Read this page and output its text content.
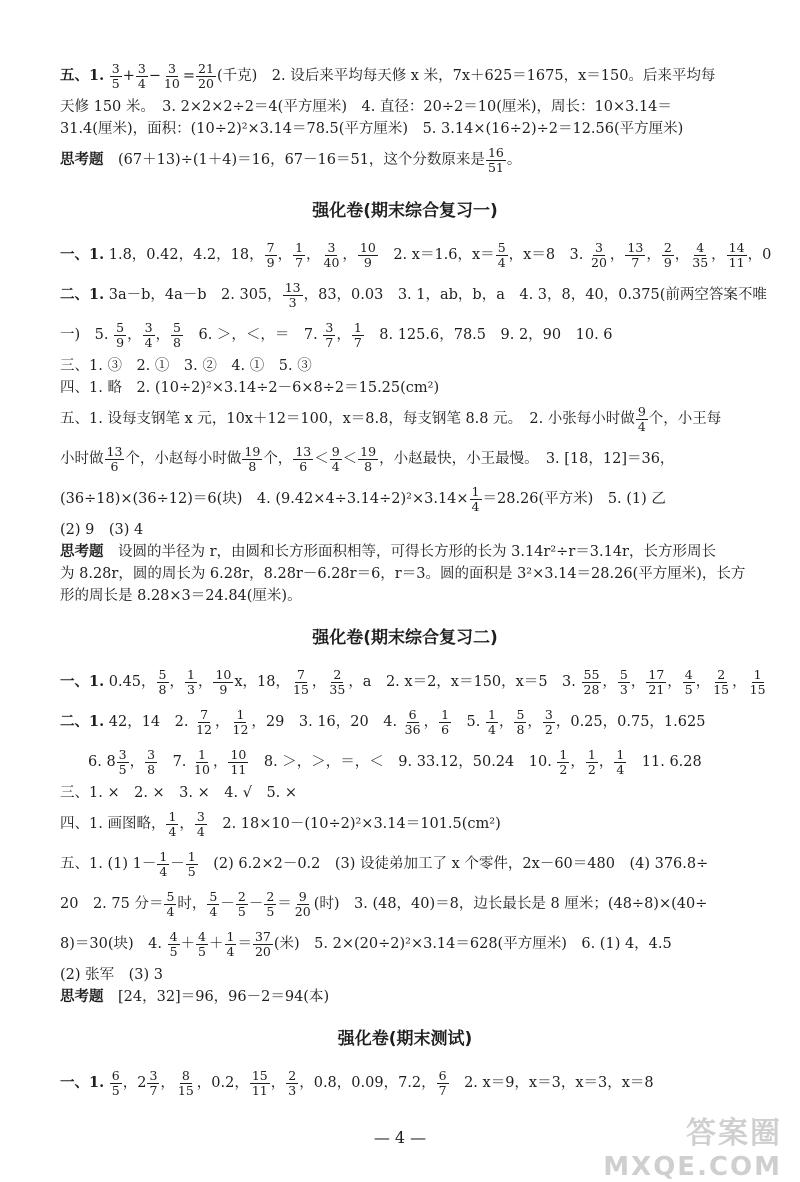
五、1. $\frac{3}{5} + \frac{3}{4} - \frac{3}{10} = \frac{21}{20}$ (千克)　2. 设后来平均每天修 x 米，7x＋625＝1675，x＝150。后来平均每
天修 150 米。　3. 2×2×2÷2＝4(平方厘米)　4. 直径：20÷2＝10(厘米)，周长：10×3.14＝
31.4(厘米)，面积：(10÷2)²×3.14＝78.5(平方厘米)　5. 3.14×(16÷2)÷2＝12.56(平方厘米)
思考题　 (67＋13)÷(1＋4)＝16，67－16＝51，这个分数原来是 $\frac{16}{51}$ 。
强化卷(期末综合复习一)
一、1. 1.8，0.42，4.2，18， $\frac{7}{9}$ ， $\frac{1}{7}$ ， $\frac{3}{40}$ ， $\frac{10}{9}$ 　2. x＝1.6，$x= \frac{5}{4}$ ，x＝8　3. $\frac{3}{20}$ ， $\frac{13}{7}$ ， $\frac{2}{9}$ ， $\frac{4}{35}$ ， $\frac{14}{11}$ ，0
二、1. 3a－b，4a－b　2. 305， $\frac{13}{3}$ ，83，0.03　3. 1，ab，b，a　4. 3，8，40，0.375(前两空答案不唯
一)　5. $\frac{5}{9}$ ， $\frac{3}{4}$ ， $\frac{5}{8}$ 　6. ＞，＜，＝　7. $\frac{3}{7}$ ， $\frac{1}{7}$ 　8. 125.6，78.5　9. 2，90　10. 6
三、1. ③　2. ①　3. ②　4. ①　5. ③
四、1. 略　2. (10÷2)²×3.14÷2－6×8÷2＝15.25(cm²)
五、1. 设每支钢笔 x 元，10x＋12＝100，x＝8.8，每支钢笔 8.8 元。　2. 小张每小时做 $\frac{9}{4}$ 个，小王每
小时做 $\frac{13}{6}$ 个，小赵每小时做 $\frac{19}{8}$ 个， $\frac{13}{6} < \frac{9}{4} < \frac{19}{8}$ ，小赵最快，小王最慢。　3. [18，12]＝36，
(36÷18)×(36÷12)＝6(块)　4. $(9.42\times 4\div 3.14\div 2)^2\times 3.14\times \frac{1}{4} =28.26$(平方米)　5. (1) 乙
(2) 9　(3) 4
思考题　 设圆的半径为 r，由圆和长方形面积相等，可得长方形的长为 3.14r²÷r＝3.14r，长方形周长
为 8.28r，圆的周长为 6.28r，8.28r－6.28r＝6，r＝3。圆的面积是 3²×3.14＝28.26(平方厘米)，长方
形的周长是 8.28×3＝24.84(厘米)。
强化卷(期末综合复习二)
一、1. 0.45， $\frac{5}{8}$ ， $\frac{1}{3}$ ， $\frac{10}{9}$ x，18， $\frac{7}{15}$ ， $\frac{2}{35}$ ，a　2. x＝2，x＝150，x＝5　3. $\frac{55}{28}$ ， $\frac{5}{3}$ ， $\frac{17}{21}$ ， $\frac{4}{5}$ ， $\frac{2}{15}$ ， $\frac{1}{15}$
二、1. 42，14　2. $\frac{7}{12}$ ， $\frac{1}{12}$ ，29　3. 16，20　4. $\frac{6}{36}$ ， $\frac{1}{6}$ 　5. $\frac{1}{4}$ ， $\frac{5}{8}$ ， $\frac{3}{2}$ ，0.25，0.75，1.625
6. $8 \frac{3}{5}$ ， $\frac{3}{8}$ 　7. $\frac{1}{10}$ ， $\frac{10}{11}$ 　8. ＞，＞，＝，＜　9. 33.12，50.24　10. $\frac{1}{2}$ ， $\frac{1}{2}$ ， $\frac{1}{4}$ 　11. 6.28
三、1. ×　2. ×　3. ×　4. √　5. ×
四、1. 画图略， $\frac{1}{4}$ ， $\frac{3}{4}$ 　2. 18×10－(10÷2)²×3.14＝101.5(cm²)
五、1. (1) $1- \frac{1}{4} - \frac{1}{5}$ 　(2) 6.2×2－0.2　(3) 设徒弟加工了 x 个零件，2x－60＝480　(4) 376.8÷
20　2. 75 分＝ $\frac{5}{4}$ 时， $\frac{5}{4} - \frac{2}{5} - \frac{2}{5} = \frac{9}{20}$ (时)　3. (48，40)＝8，边长最长是 8 厘米；(48÷8)×(40÷
8)＝30(块)　4. $\frac{4}{5} + \frac{4}{5} + \frac{1}{4} = \frac{37}{20}$ (米)　5. 2×(20÷2)²×3.14＝628(平方厘米)　6. (1) 4，4.5
(2) 张军　(3) 3
思考题　 [24，32]＝96，96－2＝94(本)
强化卷(期末测试)
一、1. $\frac{6}{5}$ ，$2 \frac{3}{7}$ ， $\frac{8}{15}$ ，0.2， $\frac{15}{11}$ ， $\frac{2}{3}$ ，0.8，0.09，7.2， $\frac{6}{7}$ 　2. x＝9，x＝3，x＝3，x＝8
— 4 —	答案圈
MXQE.COM
